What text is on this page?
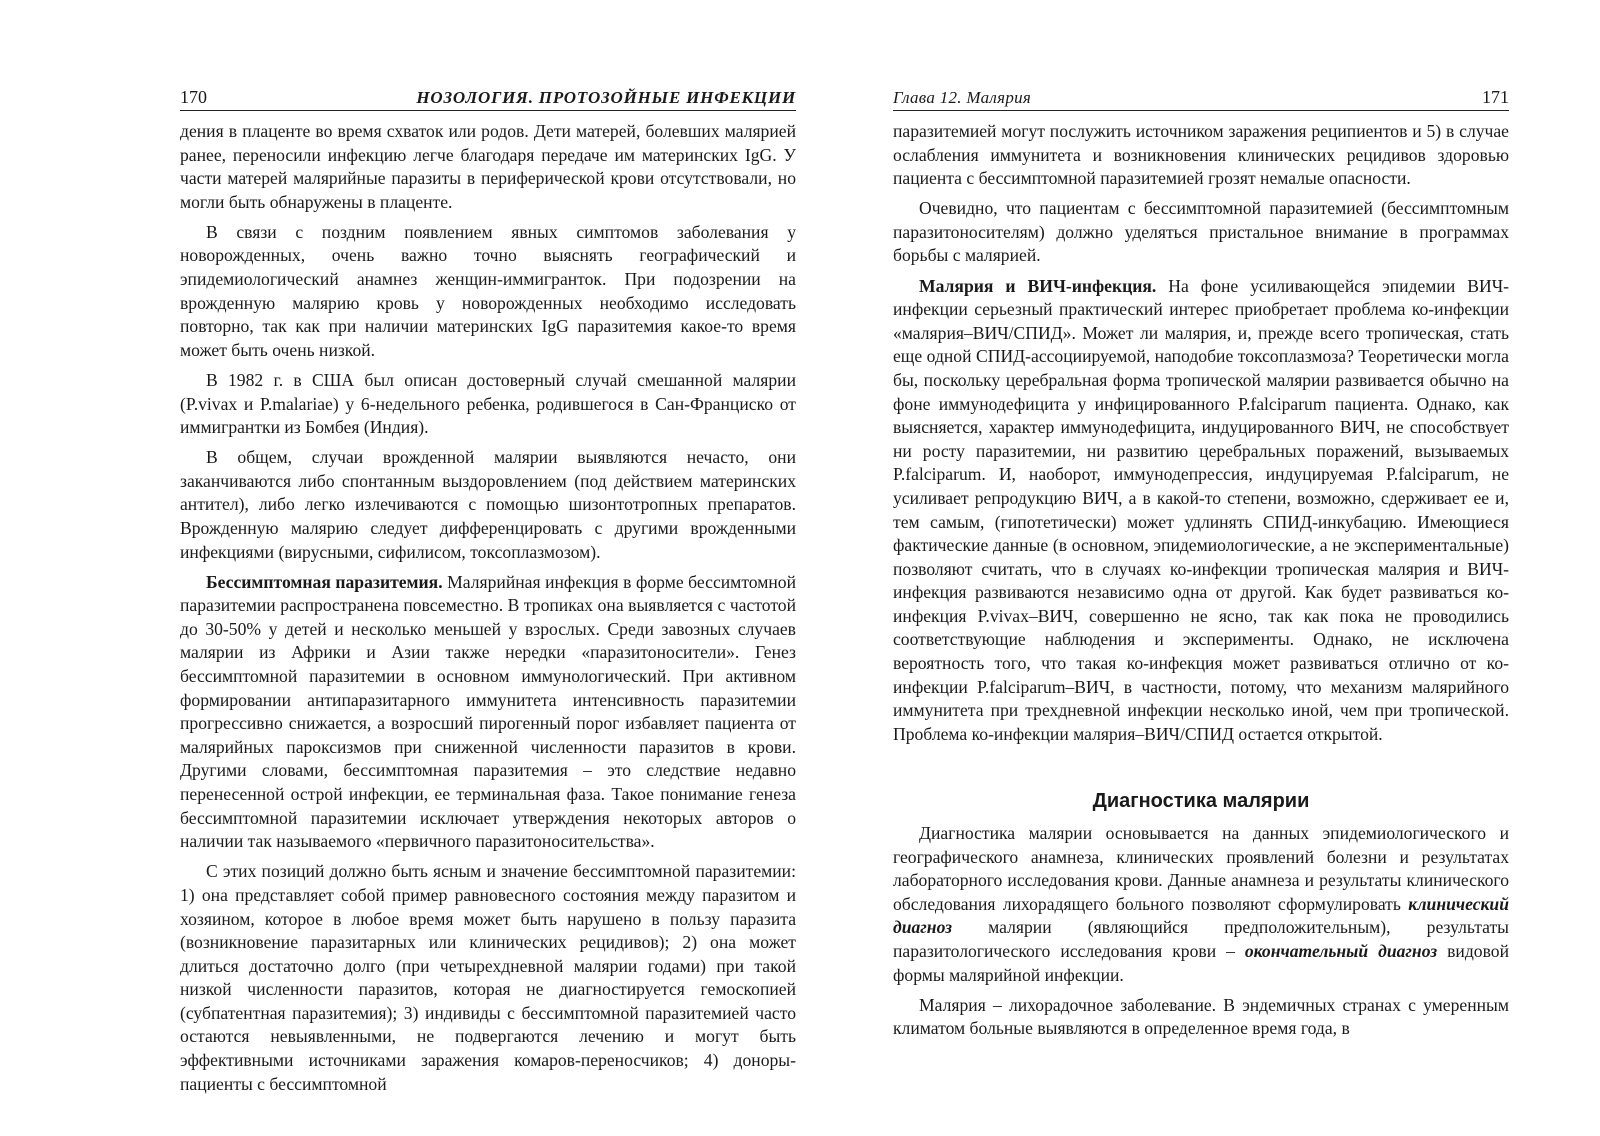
170	НОЗОЛОГИЯ. ПРОТОЗОЙНЫЕ ИНФЕКЦИИ

дения в плаценте во время схваток или родов. Дети матерей, болевших малярией ранее, переносили инфекцию легче благодаря передаче им материнских IgG. У части матерей малярийные паразиты в периферической крови отсутствовали, но могли быть обнаружены в плаценте.

В связи с поздним появлением явных симптомов заболевания у новорожденных, очень важно точно выяснять географический и эпидемиологический анамнез женщин-иммигранток. При подозрении на врожденную малярию кровь у новорожденных необходимо исследовать повторно, так как при наличии материнских IgG паразитемия какое-то время может быть очень низкой.

В 1982 г. в США был описан достоверный случай смешанной малярии (P.vivax и P.malariae) у 6-недельного ребенка, родившегося в Сан-Франциско от иммигрантки из Бомбея (Индия).

В общем, случаи врожденной малярии выявляются нечасто, они заканчиваются либо спонтанным выздоровлением (под действием материнских антител), либо легко излечиваются с помощью шизонтотропных препаратов. Врожденную малярию следует дифференцировать с другими врожденными инфекциями (вирусными, сифилисом, токсоплазмозом).

Бессимптомная паразитемия. Малярийная инфекция в форме бессимтомной паразитемии распространена повсеместно. В тропиках она выявляется с частотой до 30-50% у детей и несколько меньшей у взрослых. Среди завозных случаев малярии из Африки и Азии также нередки «паразитоносители». Генез бессимптомной паразитемии в основном иммунологический. При активном формировании антипаразитарного иммунитета интенсивность паразитемии прогрессивно снижается, а возросший пирогенный порог избавляет пациента от малярийных пароксизмов при сниженной численности паразитов в крови. Другими словами, бессимптомная паразитемия – это следствие недавно перенесенной острой инфекции, ее терминальная фаза. Такое понимание генеза бессимптомной паразитемии исключает утверждения некоторых авторов о наличии так называемого «первичного паразитоносительства».

С этих позиций должно быть ясным и значение бессимптомной паразитемии: 1) она представляет собой пример равновесного состояния между паразитом и хозяином, которое в любое время может быть нарушено в пользу паразита (возникновение паразитарных или клинических рецидивов); 2) она может длиться достаточно долго (при четырехдневной малярии годами) при такой низкой численности паразитов, которая не диагностируется гемоскопией (субпатентная паразитемия); 3) индивиды с бессимптомной паразитемией часто остаются невыявленными, не подвергаются лечению и могут быть эффективными источниками заражения комаров-переносчиков; 4) доноры-пациенты с бессимптомной

Глава 12. Малярия	171

паразитемией могут послужить источником заражения реципиентов и 5) в случае ослабления иммунитета и возникновения клинических рецидивов здоровью пациента с бессимптомной паразитемией грозят немалые опасности.

Очевидно, что пациентам с бессимптомной паразитемией (бессимптомным паразитоносителям) должно уделяться пристальное внимание в программах борьбы с малярией.

Малярия и ВИЧ-инфекция. На фоне усиливающейся эпидемии ВИЧ-инфекции серьезный практический интерес приобретает проблема ко-инфекции «малярия–ВИЧ/СПИД». Может ли малярия, и, прежде всего тропическая, стать еще одной СПИД-ассоциируемой, наподобие токсоплазмоза? Теоретически могла бы, поскольку церебральная форма тропической малярии развивается обычно на фоне иммунодефицита у инфицированного P.falciparum пациента. Однако, как выясняется, характер иммунодефицита, индуцированного ВИЧ, не способствует ни росту паразитемии, ни развитию церебральных поражений, вызываемых P.falciparum. И, наоборот, иммунодепрессия, индуцируемая P.falciparum, не усиливает репродукцию ВИЧ, а в какой-то степени, возможно, сдерживает ее и, тем самым, (гипотетически) может удлинять СПИД-инкубацию. Имеющиеся фактические данные (в основном, эпидемиологические, а не экспериментальные) позволяют считать, что в случаях ко-инфекции тропическая малярия и ВИЧ-инфекция развиваются независимо одна от другой. Как будет развиваться ко-инфекция P.vivax–ВИЧ, совершенно не ясно, так как пока не проводились соответствующие наблюдения и эксперименты. Однако, не исключена вероятность того, что такая ко-инфекция может развиваться отлично от ко-инфекции P.falciparum–ВИЧ, в частности, потому, что механизм малярийного иммунитета при трехдневной инфекции несколько иной, чем при тропической. Проблема ко-инфекции малярия–ВИЧ/СПИД остается открытой.

Диагностика малярии

Диагностика малярии основывается на данных эпидемиологического и географического анамнеза, клинических проявлений болезни и результатах лабораторного исследования крови. Данные анамнеза и результаты клинического обследования лихорадящего больного позволяют сформулировать клинический диагноз малярии (являющийся предположительным), результаты паразитологического исследования крови – окончательный диагноз видовой формы малярийной инфекции.

Малярия – лихорадочное заболевание. В эндемичных странах с умеренным климатом больные выявляются в определенное время года, в
